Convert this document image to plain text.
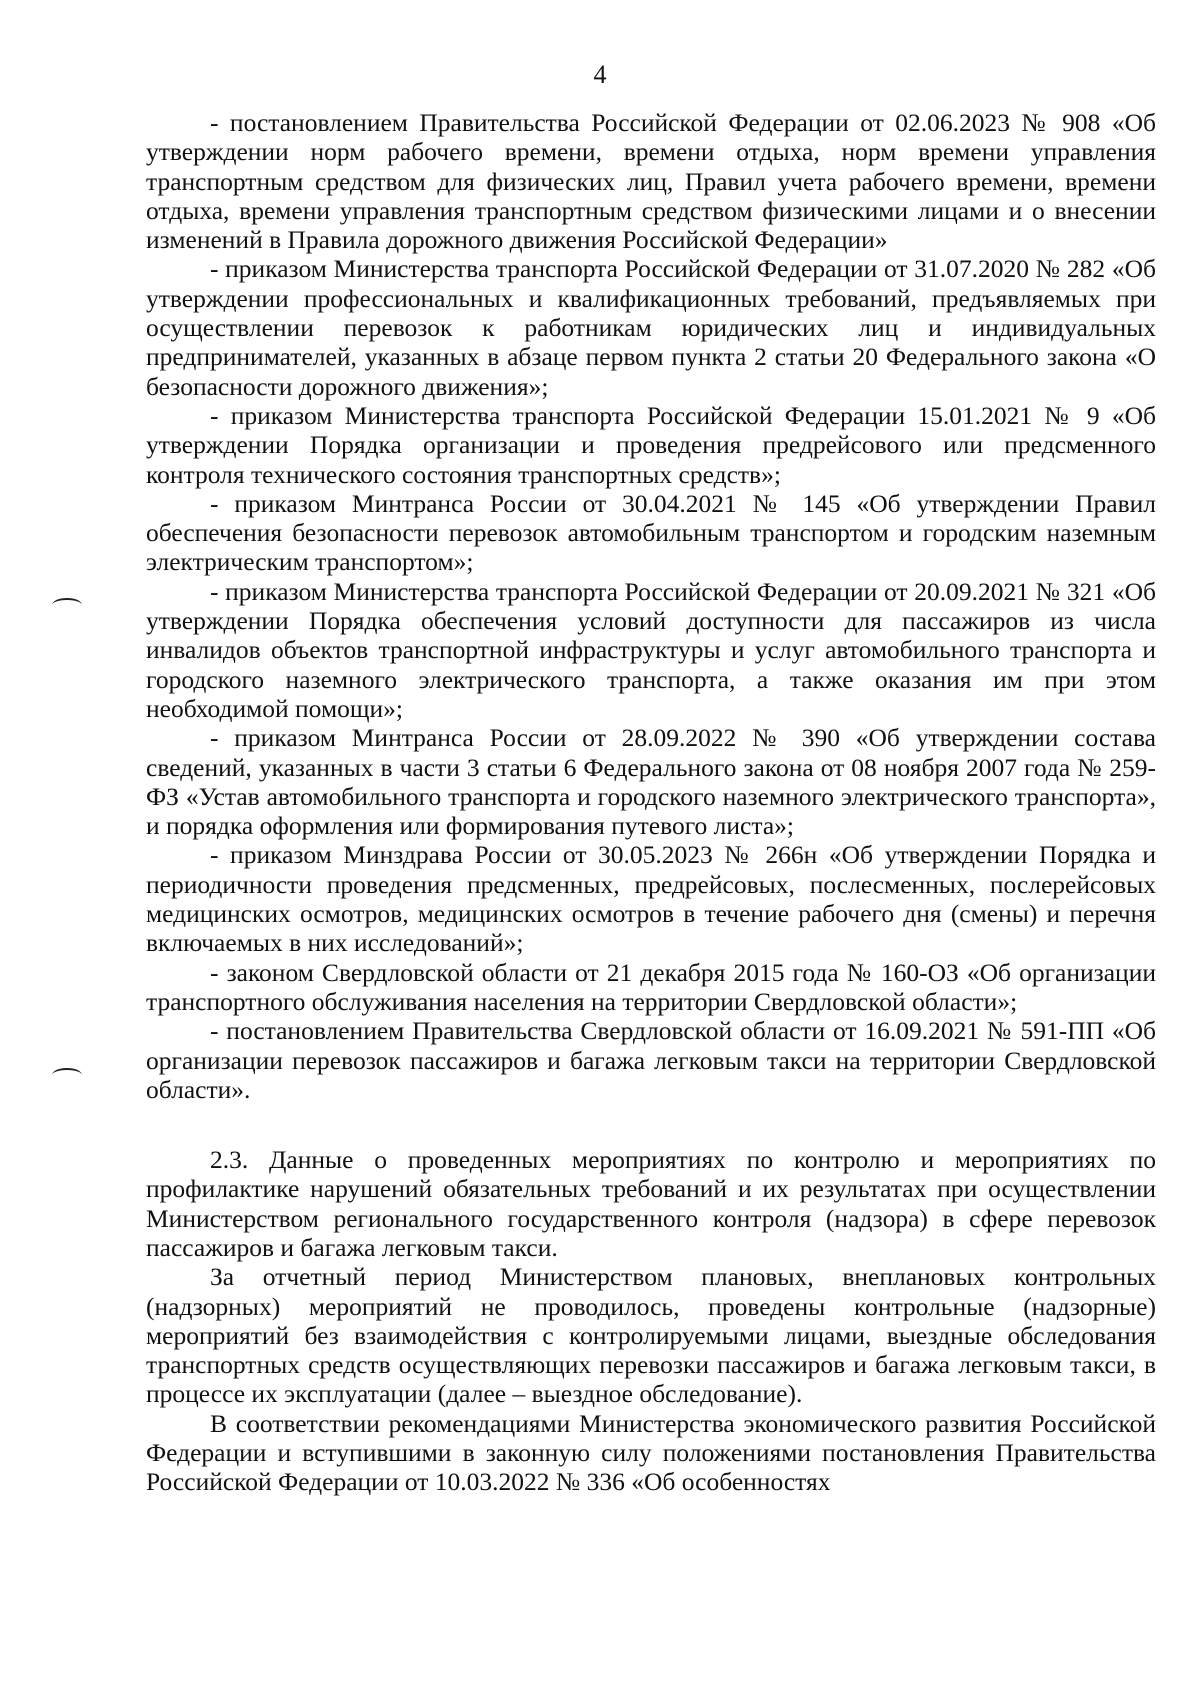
4

- постановлением Правительства Российской Федерации от 02.06.2023 № 908 «Об утверждении норм рабочего времени, времени отдыха, норм времени управления транспортным средством для физических лиц, Правил учета рабочего времени, времени отдыха, времени управления транспортным средством физическими лицами и о внесении изменений в Правила дорожного движения Российской Федерации»

- приказом Министерства транспорта Российской Федерации от 31.07.2020 № 282 «Об утверждении профессиональных и квалификационных требований, предъявляемых при осуществлении перевозок к работникам юридических лиц и индивидуальных предпринимателей, указанных в абзаце первом пункта 2 статьи 20 Федерального закона «О безопасности дорожного движения»;

- приказом Министерства транспорта Российской Федерации 15.01.2021 № 9 «Об утверждении Порядка организации и проведения предрейсового или предсменного контроля технического состояния транспортных средств»;

- приказом Минтранса России от 30.04.2021 № 145 «Об утверждении Правил обеспечения безопасности перевозок автомобильным транспортом и городским наземным электрическим транспортом»;

- приказом Министерства транспорта Российской Федерации от 20.09.2021 № 321 «Об утверждении Порядка обеспечения условий доступности для пассажиров из числа инвалидов объектов транспортной инфраструктуры и услуг автомобильного транспорта и городского наземного электрического транспорта, а также оказания им при этом необходимой помощи»;

- приказом Минтранса России от 28.09.2022 № 390 «Об утверждении состава сведений, указанных в части 3 статьи 6 Федерального закона от 08 ноября 2007 года № 259-ФЗ «Устав автомобильного транспорта и городского наземного электрического транспорта», и порядка оформления или формирования путевого листа»;

- приказом Минздрава России от 30.05.2023 № 266н «Об утверждении Порядка и периодичности проведения предсменных, предрейсовых, послесменных, послерейсовых медицинских осмотров, медицинских осмотров в течение рабочего дня (смены) и перечня включаемых в них исследований»;

- законом Свердловской области от 21 декабря 2015 года № 160-ОЗ «Об организации транспортного обслуживания населения на территории Свердловской области»;

- постановлением Правительства Свердловской области от 16.09.2021 № 591-ПП «Об организации перевозок пассажиров и багажа легковым такси на территории Свердловской области».

2.3. Данные о проведенных мероприятиях по контролю и мероприятиях по профилактике нарушений обязательных требований и их результатах при осуществлении Министерством регионального государственного контроля (надзора) в сфере перевозок пассажиров и багажа легковым такси.

За отчетный период Министерством плановых, внеплановых контрольных (надзорных) мероприятий не проводилось, проведены контрольные (надзорные) мероприятий без взаимодействия с контролируемыми лицами, выездные обследования транспортных средств осуществляющих перевозки пассажиров и багажа легковым такси, в процессе их эксплуатации (далее – выездное обследование).

В соответствии рекомендациями Министерства экономического развития Российской Федерации и вступившими в законную силу положениями постановления Правительства Российской Федерации от 10.03.2022 № 336 «Об особенностях
